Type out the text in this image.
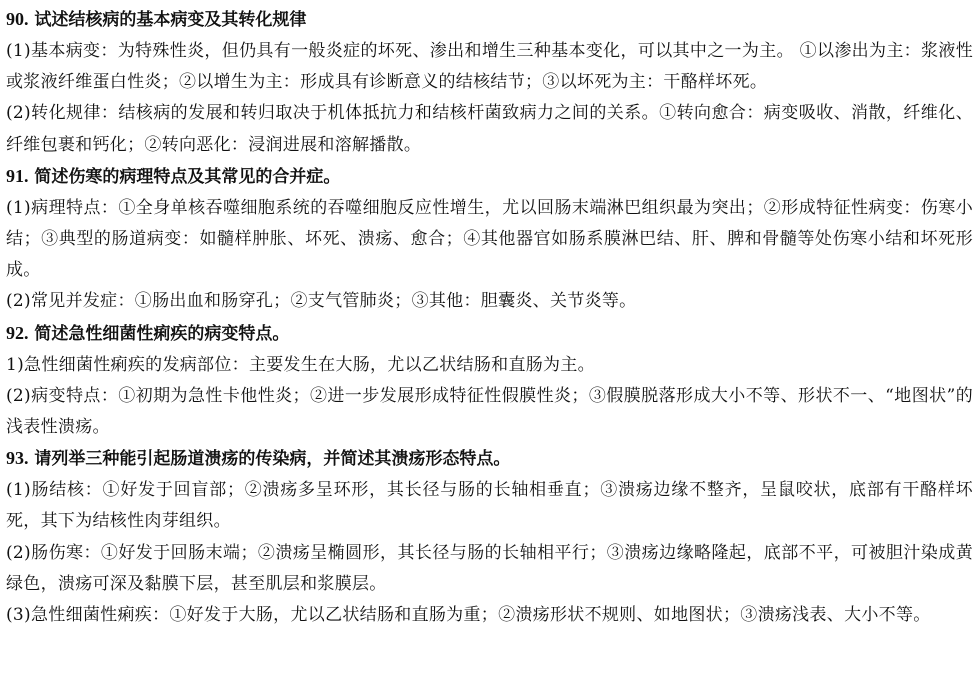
90. 试述结核病的基本病变及其转化规律

(1)基本病变：为特殊性炎，但仍具有一般炎症的坏死、渗出和增生三种基本变化，可以其中之一为主。 ①以渗出为主：浆液性或浆液纤维蛋白性炎；②以增生为主：形成具有诊断意义的结核结节；③以坏死为主：干酪样坏死。

(2)转化规律：结核病的发展和转归取决于机体抵抗力和结核杆菌致病力之间的关系。①转向愈合：病变吸收、消散，纤维化、纤维包裹和钙化；②转向恶化：浸润进展和溶解播散。

91. 简述伤寒的病理特点及其常见的合并症。

(1)病理特点：①全身单核吞噬细胞系统的吞噬细胞反应性增生，尤以回肠末端淋巴组织最为突出；②形成特征性病变：伤寒小结；③典型的肠道病变：如髓样肿胀、坏死、溃疡、愈合；④其他器官如肠系膜淋巴结、肝、脾和骨髓等处伤寒小结和坏死形成。

(2)常见并发症：①肠出血和肠穿孔；②支气管肺炎；③其他：胆囊炎、关节炎等。

92. 简述急性细菌性痢疾的病变特点。

1)急性细菌性痢疾的发病部位：主要发生在大肠，尤以乙状结肠和直肠为主。

(2)病变特点：①初期为急性卡他性炎；②进一步发展形成特征性假膜性炎；③假膜脱落形成大小不等、形状不一、“地图状”的浅表性溃疡。

93. 请列举三种能引起肠道溃疡的传染病，并简述其溃疡形态特点。

(1)肠结核：①好发于回盲部；②溃疡多呈环形，其长径与肠的长轴相垂直；③溃疡边缘不整齐，呈鼠咬状，底部有干酪样坏死，其下为结核性肉芽组织。

(2)肠伤寒：①好发于回肠末端；②溃疡呈椭圆形，其长径与肠的长轴相平行；③溃疡边缘略隆起，底部不平，可被胆汁染成黄绿色，溃疡可深及黏膜下层，甚至肌层和浆膜层。

(3)急性细菌性痢疾：①好发于大肠，尤以乙状结肠和直肠为重；②溃疡形状不规则、如地图状；③溃疡浅表、大小不等。
